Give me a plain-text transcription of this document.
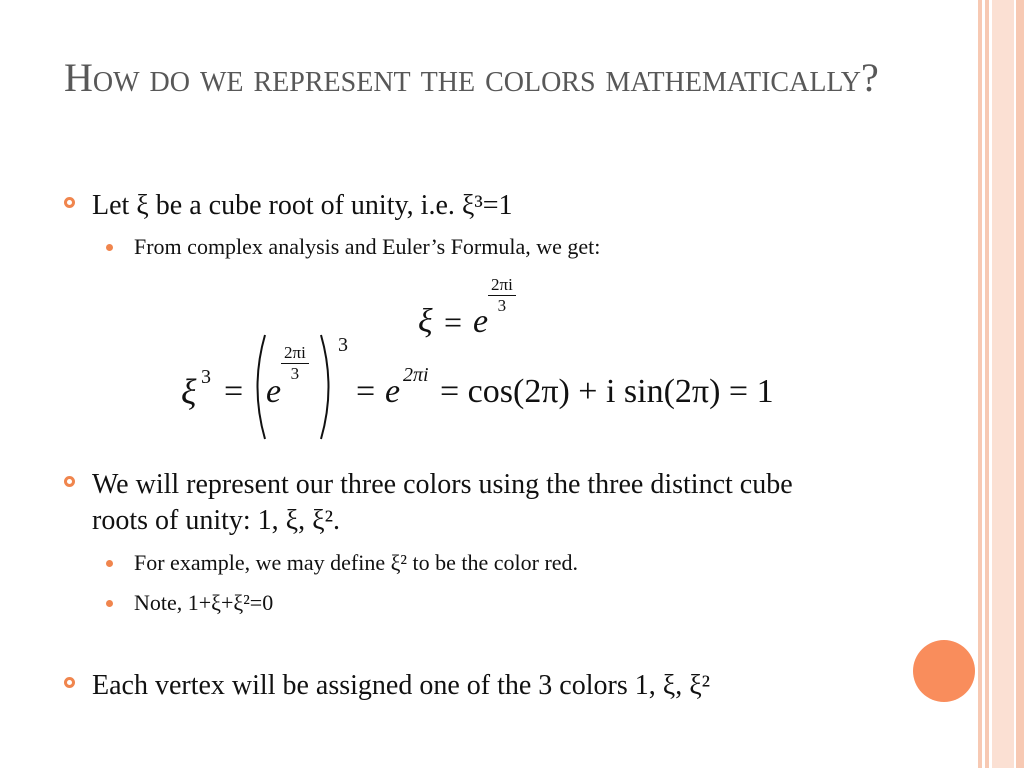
How do we represent the colors mathematically?
Let ξ be a cube root of unity, i.e. ξ³=1
From complex analysis and Euler’s Formula, we get:
ξ = e
$\frac{2\pi i}{3}$
ξ 3 = e
$\frac{2\pi i}{3} 3$
= e 2πi = cos(2π) + i sin(2π) = 1
We will represent our three colors using the three distinct cube roots of unity: 1, ξ, ξ².
For example, we may define ξ² to be the color red.
Note, 1+ξ+ξ²=0
Each vertex will be assigned one of the 3 colors 1, ξ, ξ²
